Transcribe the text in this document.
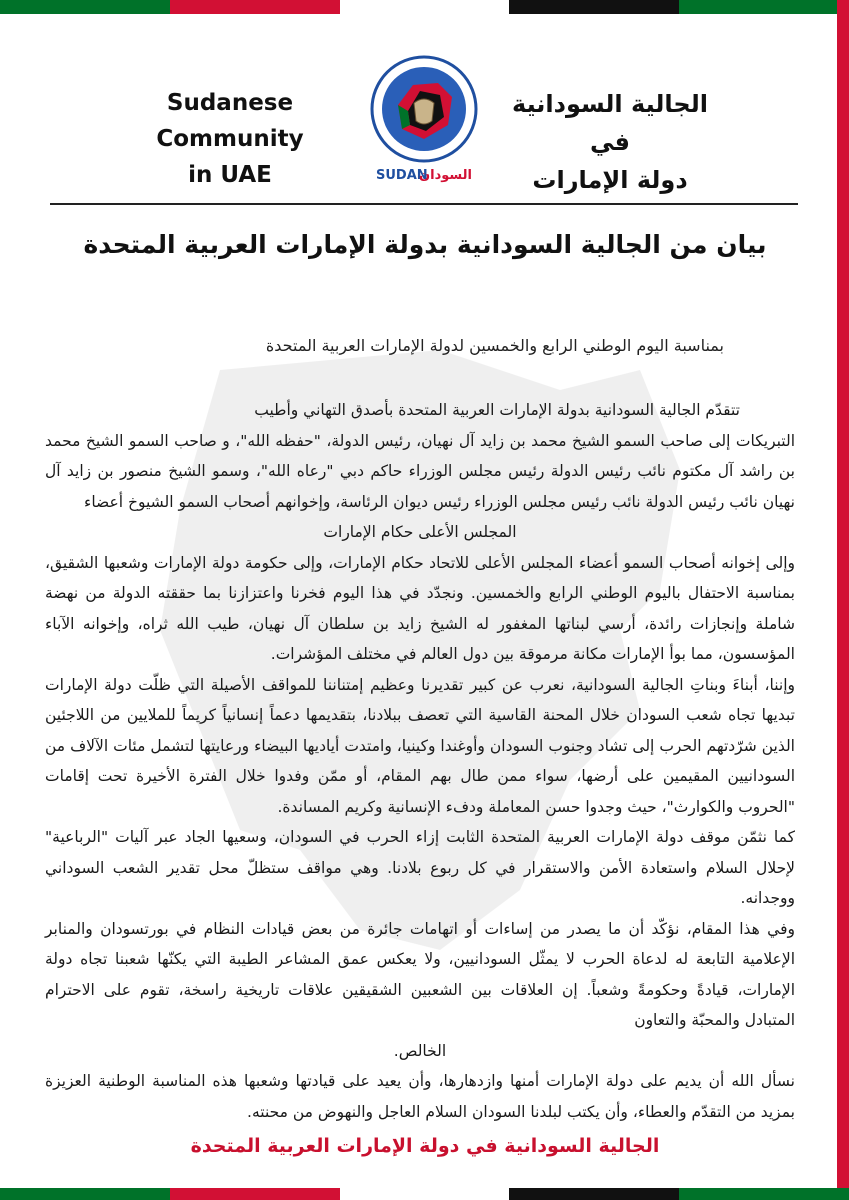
Sudanese Community
in UAE	SUDAN
السودان
الجالية السودانية في
دولة الإمارات
بيان من الجالية السودانية بدولة الإمارات العربية المتحدة
بمناسبة اليوم الوطني الرابع والخمسين لدولة الإمارات العربية المتحدة

تتقدّم الجالية السودانية بدولة الإمارات العربية المتحدة بأصدق التهاني وأطيب

التبريكات إلى صاحب السمو الشيخ محمد بن زايد آل نهيان، رئيس الدولة، "حفظه الله"، و صاحب السمو الشيخ محمد بن راشد آل مكتوم نائب رئيس الدولة رئيس مجلس الوزراء حاكم دبي "رعاه الله"، وسمو الشيخ منصور بن زايد آل نهيان نائب رئيس الدولة نائب رئيس مجلس الوزراء رئيس ديوان الرئاسة، وإخوانهم أصحاب السمو الشيوخ أعضاء

المجلس الأعلى حكام الإمارات

وإلى إخوانه أصحاب السمو أعضاء المجلس الأعلى للاتحاد حكام الإمارات، وإلى حكومة دولة الإمارات وشعبها الشقيق، بمناسبة الاحتفال باليوم الوطني الرابع والخمسين. ونجدّد في هذا اليوم فخرنا واعتزازنا بما حققته الدولة من نهضة شاملة وإنجازات رائدة، أرسي لبناتها المغفور له الشيخ زايد بن سلطان آل نهيان، طيب الله ثراه، وإخوانه الآباء المؤسسون، مما بوأ الإمارات مكانة مرموقة بين دول العالم في مختلف المؤشرات.

وإننا، أبناءَ وبناتِ الجالية السودانية، نعرب عن كبير تقديرنا وعظيم إمتناننا للمواقف الأصيلة التي ظلّت دولة الإمارات تبديها تجاه شعب السودان خلال المحنة القاسية التي تعصف ببلادنا، بتقديمها دعماً إنسانياً كريماً للملايين من اللاجئين الذين شرّدتهم الحرب إلى تشاد وجنوب السودان وأوغندا وكينيا، وامتدت أياديها البيضاء ورعايتها لتشمل مئات الآلاف من السودانيين المقيمين على أرضها، سواء ممن طال بهم المقام، أو ممّن وفدوا خلال الفترة الأخيرة تحت إقامات "الحروب والكوارث"، حيث وجدوا حسن المعاملة ودفء الإنسانية وكريم المساندة.

كما نثمّن موقف دولة الإمارات العربية المتحدة الثابت إزاء الحرب في السودان، وسعيها الجاد عبر آليات "الرباعية" لإحلال السلام واستعادة الأمن والاستقرار في كل ربوع بلادنا. وهي مواقف ستظلّ محل تقدير الشعب السوداني ووجدانه.

وفي هذا المقام، نؤكّد أن ما يصدر من إساءات أو اتهامات جائرة من بعض قيادات النظام في بورتسودان والمنابر الإعلامية التابعة له لدعاة الحرب لا يمثّل السودانيين، ولا يعكس عمق المشاعر الطيبة التي يكنّها شعبنا تجاه دولة الإمارات، قيادةً وحكومةً وشعباً. إن العلاقات بين الشعبين الشقيقين علاقات تاريخية راسخة، تقوم على الاحترام المتبادل والمحبّة والتعاون

الخالص.

نسأل الله أن يديم على دولة الإمارات أمنها وازدهارها، وأن يعيد على قيادتها وشعبها هذه المناسبة الوطنية العزيزة بمزيد من التقدّم والعطاء، وأن يكتب لبلدنا السودان السلام العاجل والنهوض من محنته.

الجالية السودانية في دولة الإمارات العربية المتحدة
